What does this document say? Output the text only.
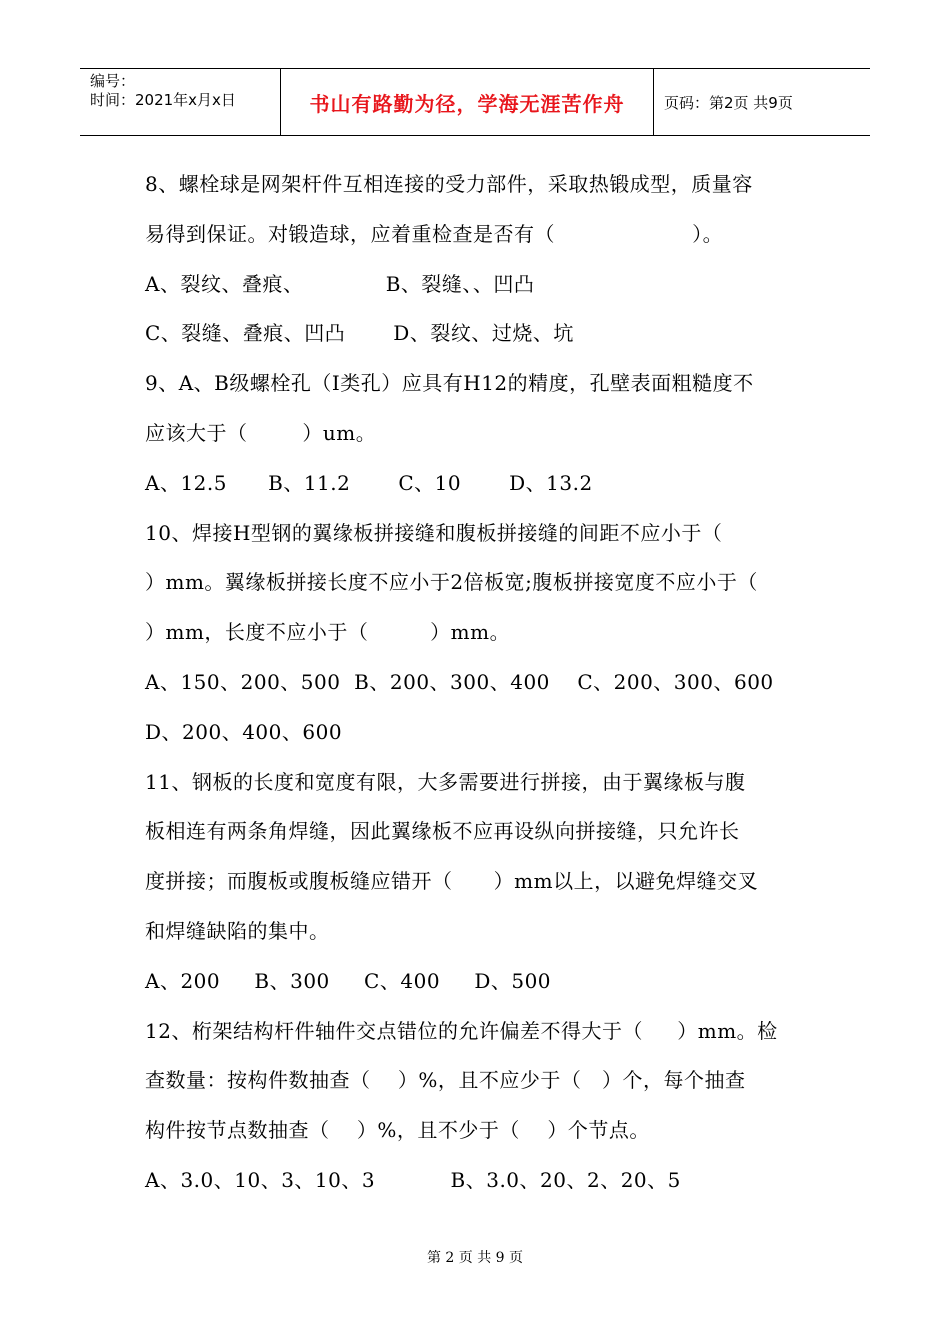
编号：
时间：2021年x月x日	书山有路勤为径，学海无涯苦作舟	页码：第2页 共9页
8、螺栓球是网架杆件互相连接的受力部件，采取热锻成型，质量容
易得到保证。对锻造球，应着重检查是否有（                    ）。
A、裂纹、叠痕、            B、裂缝、、凹凸
C、裂缝、叠痕、凹凸       D、裂纹、过烧、坑
9、A、B级螺栓孔（I类孔）应具有H12的精度，孔壁表面粗糙度不
应该大于（        ）um。
A、12.5      B、11.2       C、10       D、13.2
10、焊接H型钢的翼缘板拼接缝和腹板拼接缝的间距不应小于（
）mm。翼缘板拼接长度不应小于2倍板宽;腹板拼接宽度不应小于（
）mm，长度不应小于（         ）mm。
A、150、200、500  B、200、300、400    C、200、300、600
D、200、400、600
11、钢板的长度和宽度有限，大多需要进行拼接，由于翼缘板与腹
板相连有两条角焊缝，因此翼缘板不应再设纵向拼接缝，只允许长
度拼接；而腹板或腹板缝应错开（      ）mm以上，以避免焊缝交叉
和焊缝缺陷的集中。
A、200     B、300     C、400     D、500
12、桁架结构杆件轴件交点错位的允许偏差不得大于（     ）mm。检
查数量：按构件数抽查（    ）%，且不应少于（   ）个，每个抽查
构件按节点数抽查（    ）%，且不少于（    ）个节点。
A、3.0、10、3、10、3           B、3.0、20、2、20、5
第 2 页 共 9 页
